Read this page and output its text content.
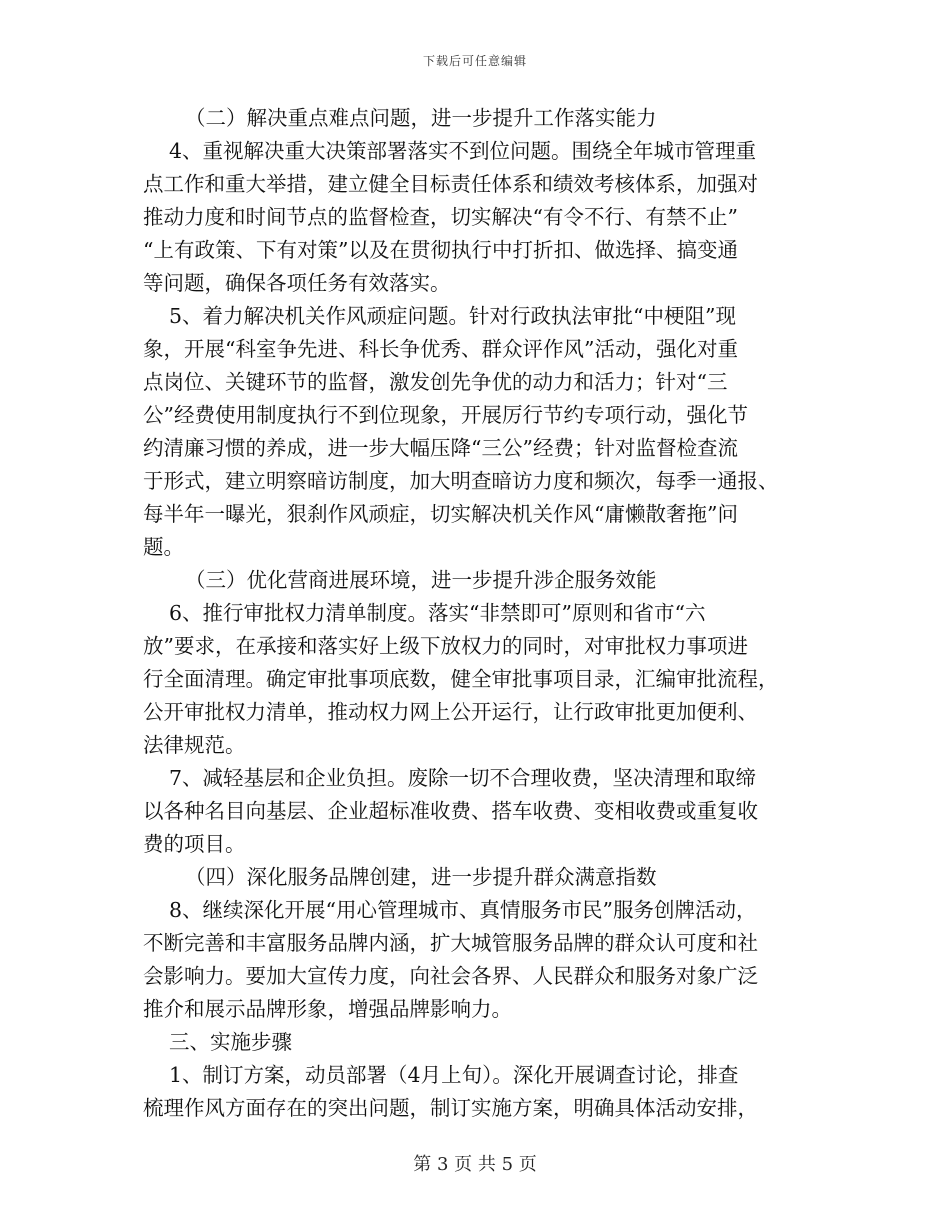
下载后可任意编辑
（二）解决重点难点问题，进一步提升工作落实能力
4、重视解决重大决策部署落实不到位问题。围绕全年城市管理重
点工作和重大举措，建立健全目标责任体系和绩效考核体系，加强对
推动力度和时间节点的监督检查，切实解决“有令不行、有禁不止”
“上有政策、下有对策”以及在贯彻执行中打折扣、做选择、搞变通
等问题，确保各项任务有效落实。
5、着力解决机关作风顽症问题。针对行政执法审批“中梗阻”现
象，开展“科室争先进、科长争优秀、群众评作风”活动，强化对重
点岗位、关键环节的监督，激发创先争优的动力和活力；针对“三
公”经费使用制度执行不到位现象，开展厉行节约专项行动，强化节
约清廉习惯的养成，进一步大幅压降“三公”经费；针对监督检查流
于形式，建立明察暗访制度，加大明查暗访力度和频次，每季一通报、
每半年一曝光，狠刹作风顽症，切实解决机关作风“庸懒散奢拖”问
题。
（三）优化营商进展环境，进一步提升涉企服务效能
6、推行审批权力清单制度。落实“非禁即可”原则和省市“六
放”要求，在承接和落实好上级下放权力的同时，对审批权力事项进
行全面清理。确定审批事项底数，健全审批事项目录，汇编审批流程，
公开审批权力清单，推动权力网上公开运行，让行政审批更加便利、
法律规范。
7、减轻基层和企业负担。废除一切不合理收费，坚决清理和取缔
以各种名目向基层、企业超标准收费、搭车收费、变相收费或重复收
费的项目。
（四）深化服务品牌创建，进一步提升群众满意指数
8、继续深化开展“用心管理城市、真情服务市民”服务创牌活动，
不断完善和丰富服务品牌内涵，扩大城管服务品牌的群众认可度和社
会影响力。要加大宣传力度，向社会各界、人民群众和服务对象广泛
推介和展示品牌形象，增强品牌影响力。
三、实施步骤
1、制订方案，动员部署（4月上旬）。深化开展调查讨论，排查
梳理作风方面存在的突出问题，制订实施方案，明确具体活动安排，
第 3 页 共 5 页
